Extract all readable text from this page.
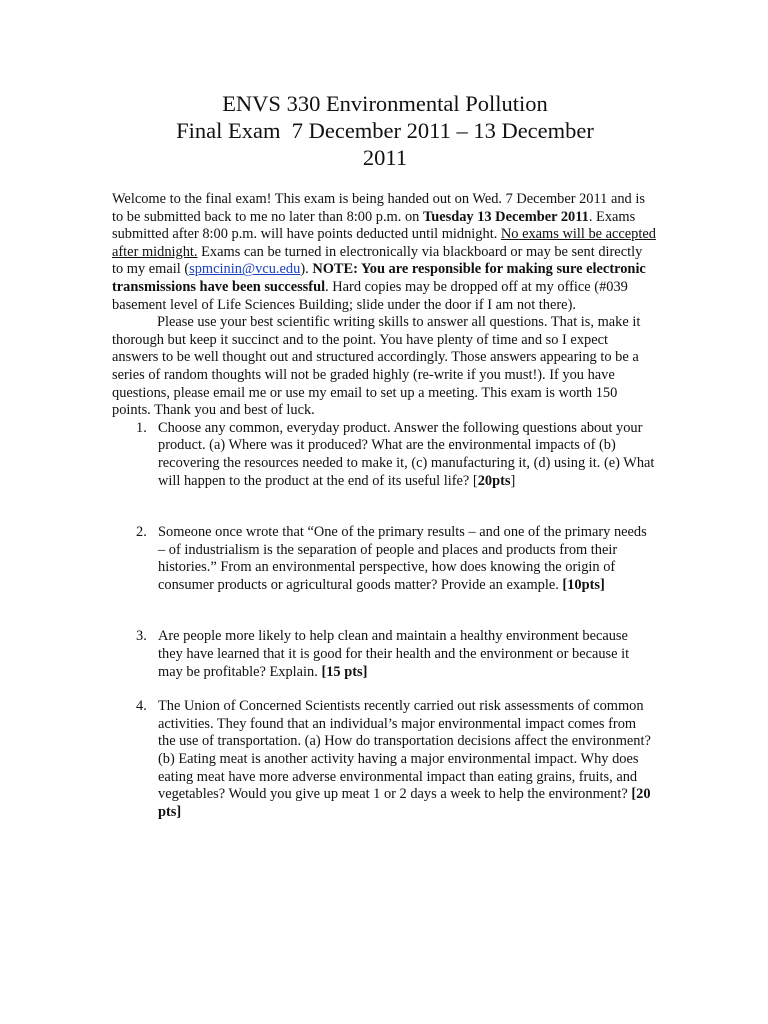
ENVS 330 Environmental Pollution
Final Exam  7 December 2011 – 13 December
2011

Welcome to the final exam! This exam is being handed out on Wed. 7 December 2011 and is to be submitted back to me no later than 8:00 p.m. on Tuesday 13 December 2011. Exams submitted after 8:00 p.m. will have points deducted until midnight. No exams will be accepted after midnight. Exams can be turned in electronically via blackboard or may be sent directly to my email (spmcinin@vcu.edu). NOTE: You are responsible for making sure electronic transmissions have been successful. Hard copies may be dropped off at my office (#039 basement level of Life Sciences Building; slide under the door if I am not there).

Please use your best scientific writing skills to answer all questions. That is, make it thorough but keep it succinct and to the point. You have plenty of time and so I expect answers to be well thought out and structured accordingly. Those answers appearing to be a series of random thoughts will not be graded highly (re-write if you must!). If you have questions, please email me or use my email to set up a meeting. This exam is worth 150 points. Thank you and best of luck.

1. Choose any common, everyday product. Answer the following questions about your product. (a) Where was it produced? What are the environmental impacts of (b) recovering the resources needed to make it, (c) manufacturing it, (d) using it. (e) What will happen to the product at the end of its useful life? [20pts]
2. Someone once wrote that “One of the primary results – and one of the primary needs – of industrialism is the separation of people and places and products from their histories.” From an environmental perspective, how does knowing the origin of consumer products or agricultural goods matter? Provide an example. [10pts]
3. Are people more likely to help clean and maintain a healthy environment because they have learned that it is good for their health and the environment or because it may be profitable? Explain. [15 pts]
4. The Union of Concerned Scientists recently carried out risk assessments of common activities. They found that an individual’s major environmental impact comes from the use of transportation. (a) How do transportation decisions affect the environment? (b) Eating meat is another activity having a major environmental impact. Why does eating meat have more adverse environmental impact than eating grains, fruits, and vegetables? Would you give up meat 1 or 2 days a week to help the environment? [20 pts]
